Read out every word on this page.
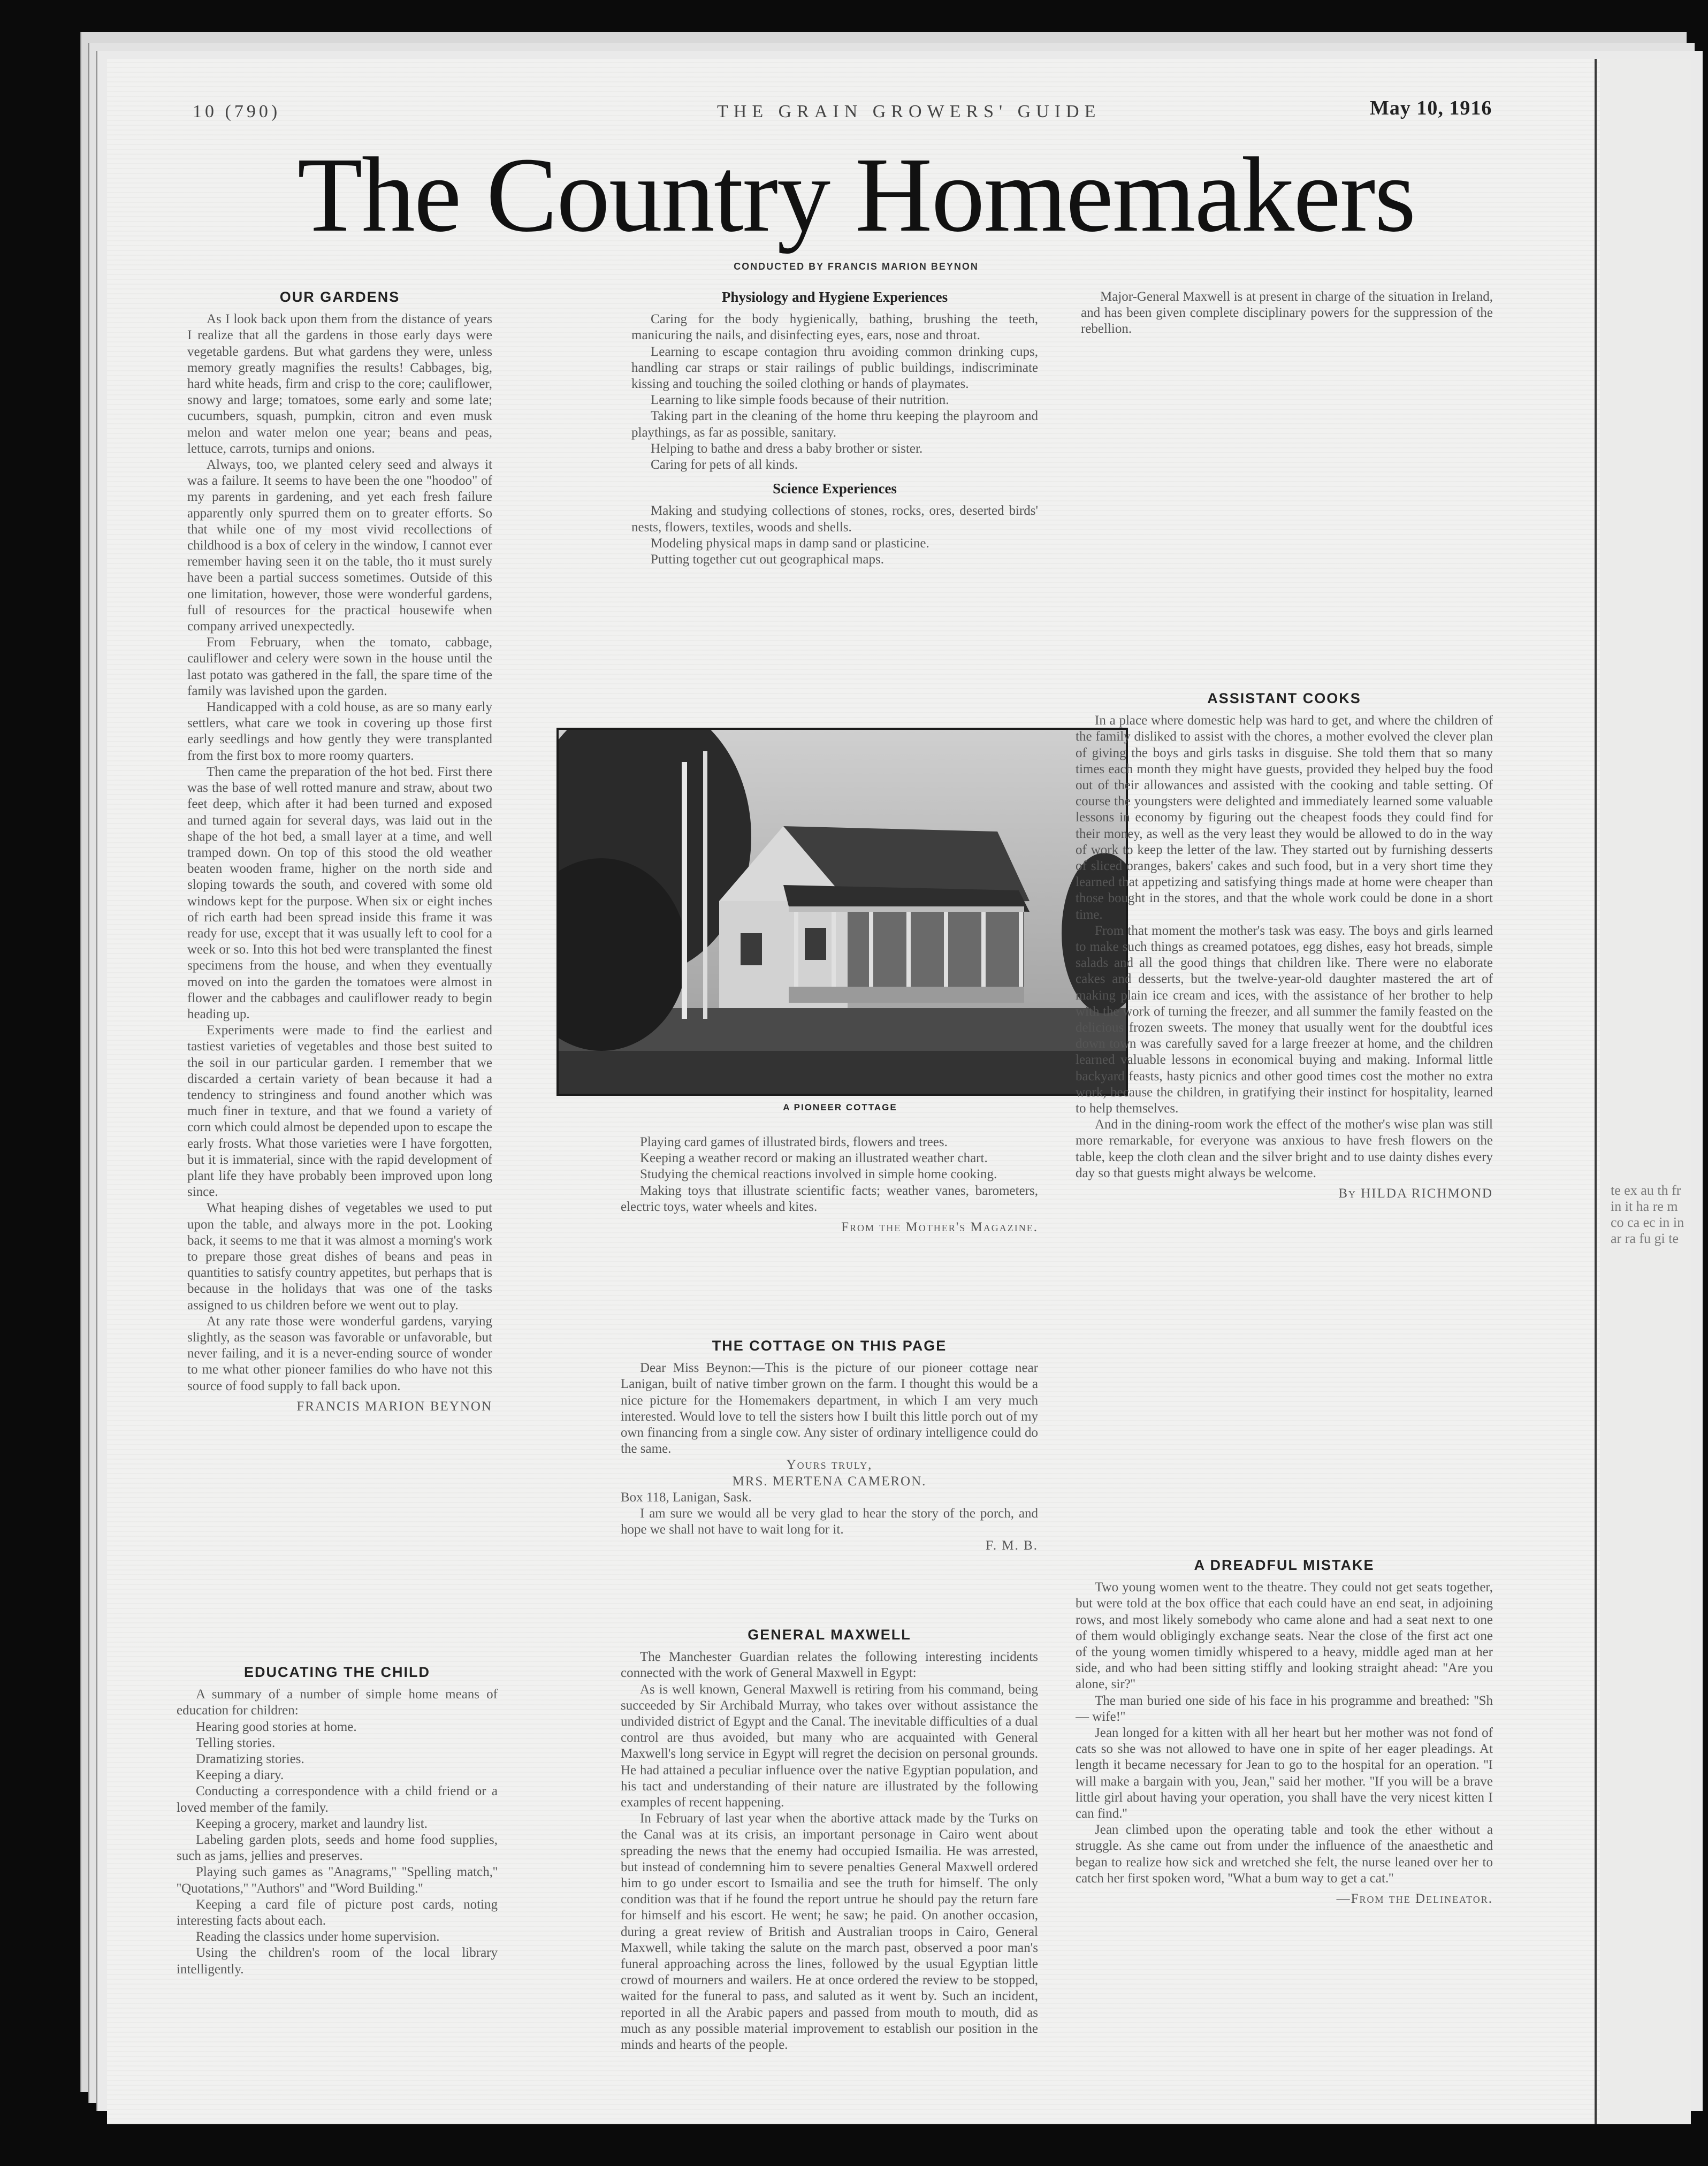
10 (790)	THE GRAIN GROWERS' GUIDE	May 10, 1916
The Country Homemakers
CONDUCTED BY FRANCIS MARION BEYNON
OUR GARDENS

As I look back upon them from the distance of years I realize that all the gardens in those early days were vegetable gardens. But what gardens they were, unless memory greatly magnifies the results! Cabbages, big, hard white heads, firm and crisp to the core; cauliflower, snowy and large; tomatoes, some early and some late; cucumbers, squash, pumpkin, citron and even musk melon and water melon one year; beans and peas, lettuce, carrots, turnips and onions.

Always, too, we planted celery seed and always it was a failure. It seems to have been the one "hoodoo" of my parents in gardening, and yet each fresh failure apparently only spurred them on to greater efforts. So that while one of my most vivid recollections of childhood is a box of celery in the window, I cannot ever remember having seen it on the table, tho it must surely have been a partial success sometimes. Outside of this one limitation, however, those were wonderful gardens, full of resources for the practical housewife when company arrived unexpectedly.

From February, when the tomato, cabbage, cauliflower and celery were sown in the house until the last potato was gathered in the fall, the spare time of the family was lavished upon the garden.

Handicapped with a cold house, as are so many early settlers, what care we took in covering up those first early seedlings and how gently they were transplanted from the first box to more roomy quarters.

Then came the preparation of the hot bed. First there was the base of well rotted manure and straw, about two feet deep, which after it had been turned and exposed and turned again for several days, was laid out in the shape of the hot bed, a small layer at a time, and well tramped down. On top of this stood the old weather beaten wooden frame, higher on the north side and sloping towards the south, and covered with some old windows kept for the purpose. When six or eight inches of rich earth had been spread inside this frame it was ready for use, except that it was usually left to cool for a week or so. Into this hot bed were transplanted the finest specimens from the house, and when they eventually moved on into the garden the tomatoes were almost in flower and the cabbages and cauliflower ready to begin heading up.

Experiments were made to find the earliest and tastiest varieties of vegetables and those best suited to the soil in our particular garden. I remember that we discarded a certain variety of bean because it had a tendency to stringiness and found another which was much finer in texture, and that we found a variety of corn which could almost be depended upon to escape the early frosts. What those varieties were I have forgotten, but it is immaterial, since with the rapid development of plant life they have probably been improved upon long since.

What heaping dishes of vegetables we used to put upon the table, and always more in the pot. Looking back, it seems to me that it was almost a morning's work to prepare those great dishes of beans and peas in quantities to satisfy country appetites, but perhaps that is because in the holidays that was one of the tasks assigned to us children before we went out to play.

At any rate those were wonderful gardens, varying slightly, as the season was favorable or unfavorable, but never failing, and it is a never-ending source of wonder to me what other pioneer families do who have not this source of food supply to fall back upon.

FRANCIS MARION BEYNON
EDUCATING THE CHILD

A summary of a number of simple home means of education for children:

Hearing good stories at home.

Telling stories.

Dramatizing stories.

Keeping a diary.

Conducting a correspondence with a child friend or a loved member of the family.

Keeping a grocery, market and laundry list.

Labeling garden plots, seeds and home food supplies, such as jams, jellies and preserves.

Playing such games as ''Anagrams,'' ''Spelling match,'' ''Quotations,'' ''Authors'' and ''Word Building.''

Keeping a card file of picture post cards, noting interesting facts about each.

Reading the classics under home supervision.

Using the children's room of the local library intelligently.

Physiology and Hygiene Experiences

Caring for the body hygienically, bathing, brushing the teeth, manicuring the nails, and disinfecting eyes, ears, nose and throat.

Learning to escape contagion thru avoiding common drinking cups, handling car straps or stair railings of public buildings, indiscriminate kissing and touching the soiled clothing or hands of playmates.

Learning to like simple foods because of their nutrition.

Taking part in the cleaning of the home thru keeping the playroom and playthings, as far as possible, sanitary.

Helping to bathe and dress a baby brother or sister.

Caring for pets of all kinds.

Science Experiences

Making and studying collections of stones, rocks, ores, deserted birds' nests, flowers, textiles, woods and shells.

Modeling physical maps in damp sand or plasticine.

Putting together cut out geographical maps.

A PIONEER COTTAGE

Playing card games of illustrated birds, flowers and trees.

Keeping a weather record or making an illustrated weather chart.

Studying the chemical reactions involved in simple home cooking.

Making toys that illustrate scientific facts; weather vanes, barometers, electric toys, water wheels and kites.

From the Mother's Magazine.
THE COTTAGE ON THIS PAGE

Dear Miss Beynon:—This is the picture of our pioneer cottage near Lanigan, built of native timber grown on the farm. I thought this would be a nice picture for the Homemakers department, in which I am very much interested. Would love to tell the sisters how I built this little porch out of my own financing from a single cow. Any sister of ordinary intelligence could do the same.

Yours truly,
MRS. MERTENA CAMERON.

Box 118, Lanigan, Sask.

I am sure we would all be very glad to hear the story of the porch, and hope we shall not have to wait long for it.

F. M. B.
GENERAL MAXWELL

The Manchester Guardian relates the following interesting incidents connected with the work of General Maxwell in Egypt:

As is well known, General Maxwell is retiring from his command, being succeeded by Sir Archibald Murray, who takes over without assistance the undivided district of Egypt and the Canal. The inevitable difficulties of a dual control are thus avoided, but many who are acquainted with General Maxwell's long service in Egypt will regret the decision on personal grounds. He had attained a peculiar influence over the native Egyptian population, and his tact and understanding of their nature are illustrated by the following examples of recent happening.

In February of last year when the abortive attack made by the Turks on the Canal was at its crisis, an important personage in Cairo went about spreading the news that the enemy had occupied Ismailia. He was arrested, but instead of condemning him to severe penalties General Maxwell ordered him to go under escort to Ismailia and see the truth for himself. The only condition was that if he found the report untrue he should pay the return fare for himself and his escort. He went; he saw; he paid. On another occasion, during a great review of British and Australian troops in Cairo, General Maxwell, while taking the salute on the march past, observed a poor man's funeral approaching across the lines, followed by the usual Egyptian little crowd of mourners and wailers. He at once ordered the review to be stopped, waited for the funeral to pass, and saluted as it went by. Such an incident, reported in all the Arabic papers and passed from mouth to mouth, did as much as any possible material improvement to establish our position in the minds and hearts of the people.

Major-General Maxwell is at present in charge of the situation in Ireland, and has been given complete disciplinary powers for the suppression of the rebellion.

ASSISTANT COOKS

In a place where domestic help was hard to get, and where the children of the family disliked to assist with the chores, a mother evolved the clever plan of giving the boys and girls tasks in disguise. She told them that so many times each month they might have guests, provided they helped buy the food out of their allowances and assisted with the cooking and table setting. Of course the youngsters were delighted and immediately learned some valuable lessons in economy by figuring out the cheapest foods they could find for their money, as well as the very least they would be allowed to do in the way of work to keep the letter of the law. They started out by furnishing desserts of sliced oranges, bakers' cakes and such food, but in a very short time they learned that appetizing and satisfying things made at home were cheaper than those bought in the stores, and that the whole work could be done in a short time.

From that moment the mother's task was easy. The boys and girls learned to make such things as creamed potatoes, egg dishes, easy hot breads, simple salads and all the good things that children like. There were no elaborate cakes and desserts, but the twelve-year-old daughter mastered the art of making plain ice cream and ices, with the assistance of her brother to help with the work of turning the freezer, and all summer the family feasted on the delicious frozen sweets. The money that usually went for the doubtful ices down town was carefully saved for a large freezer at home, and the children learned valuable lessons in economical buying and making. Informal little backyard feasts, hasty picnics and other good times cost the mother no extra work, because the children, in gratifying their instinct for hospitality, learned to help themselves.

And in the dining-room work the effect of the mother's wise plan was still more remarkable, for everyone was anxious to have fresh flowers on the table, keep the cloth clean and the silver bright and to use dainty dishes every day so that guests might always be welcome.

By HILDA RICHMOND
A DREADFUL MISTAKE

Two young women went to the theatre. They could not get seats together, but were told at the box office that each could have an end seat, in adjoining rows, and most likely somebody who came alone and had a seat next to one of them would obligingly exchange seats. Near the close of the first act one of the young women timidly whispered to a heavy, middle aged man at her side, and who had been sitting stiffly and looking straight ahead: ''Are you alone, sir?''

The man buried one side of his face in his programme and breathed: ''Sh— wife!''

Jean longed for a kitten with all her heart but her mother was not fond of cats so she was not allowed to have one in spite of her eager pleadings. At length it became necessary for Jean to go to the hospital for an operation. ''I will make a bargain with you, Jean,'' said her mother. ''If you will be a brave little girl about having your operation, you shall have the very nicest kitten I can find.''

Jean climbed upon the operating table and took the ether without a struggle. As she came out from under the influence of the anaesthetic and began to realize how sick and wretched she felt, the nurse leaned over her to catch her first spoken word, ''What a bum way to get a cat.''

—From the Delineator.
te ex au th fr in it ha re m co ca ec in in ar ra fu gi te
